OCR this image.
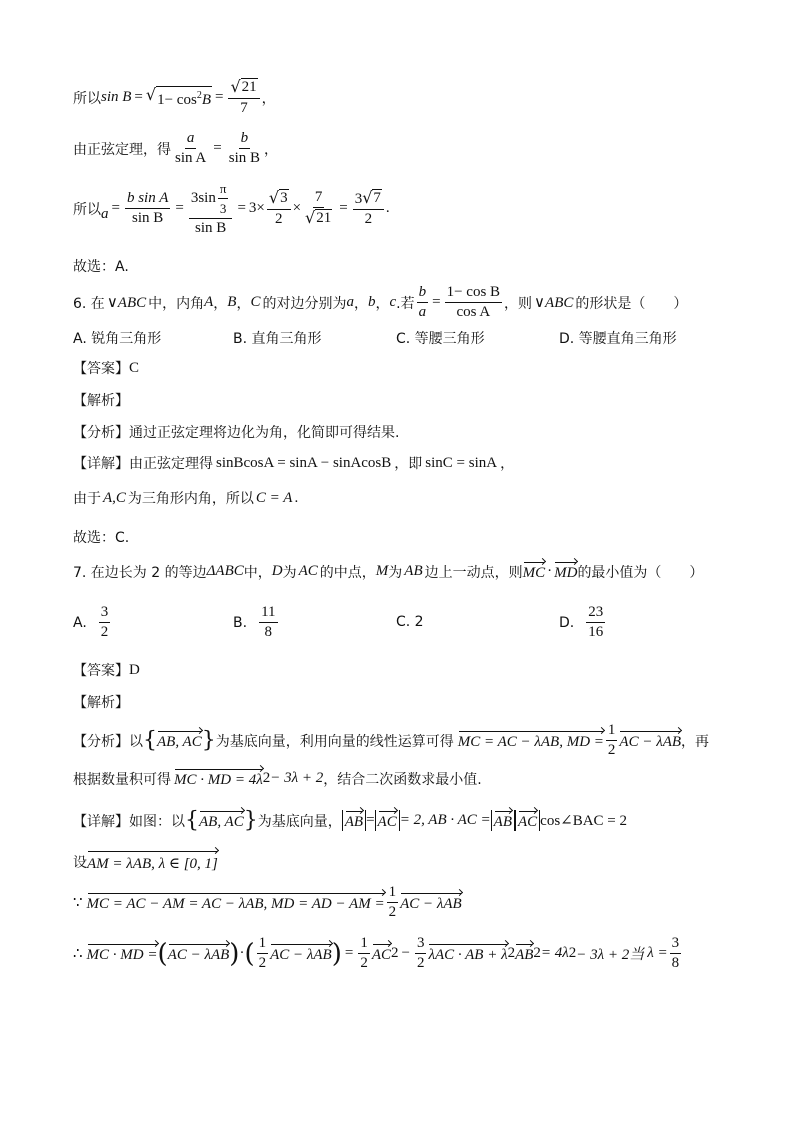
所以 sin B = √ $1- \cos^2B = \frac{√ 21}{7}$ ，
由正弦定理，得 $\frac{a}{\text{sin A}} = \frac{b}{\text{sin B}}$ ，
所以 $a = \frac{\text{b sin A}}{\text{sin B}} = \frac{3\sin \frac{\pi}{3}}{\text{sin B}} = 3\times \frac{√ 3}{2} \times \frac{7}{√ 21} = \frac{3 √ 7}{2}$ .
故选：A.
6. 在 ∨ABC 中，内角 A ， B ， C 的对边分别为 a ， b ， c .若 $\frac{b}{a} = \frac{\text{1− cos B}}{\text{cos A}}$ ，则 ∨ABC 的形状是（　　）
A. 锐角三角形	B. 直角三角形	C. 等腰三角形	D. 等腰直角三角形
【答案】 C
【解析】
【分析】 通过正弦定理将边化为角，化简即可得结果.
【详解】 由正弦定理得 sinBcosA = sinA − sinAcosB ，即 sinC = sinA ，
由于 A,C 为三角形内角，所以 C = A .
故选：C.
7. 在边长为 2 的等边 ΔABC 中， D 为 AC 的中点， M 为 AB 边上一动点，则 MC · MD 的最小值为（　　）
A. $\frac{3}{2}$	B. $\frac{11}{8}$	C. 2	D. $\frac{23}{16}$
【答案】 D
【解析】
【分析】 以 { AB, AC } 为基底向量，利用向量的线性运算可得 MC = AC − λAB, MD = $\frac{1}{2}$ AC − λAB ，再
根据数量积可得 MC · MD = 4λ 2 − 3λ + 2 ，结合二次函数求最小值.
【详解】 如图：以 { AB, AC } 为基底向量， AB = AC = 2, AB · AC = AB AC cos∠BAC = 2
设 AM = λAB, λ ∈ [0, 1]
∵ MC = AC − AM = AC − λAB, MD = AD − AM = $\frac{1}{2}$ AC − λAB
∴ MC · MD = ( AC − λAB ) · ( $\frac{1}{2}$ AC − λAB ) = $\frac{1}{2}$ AC $2 - \frac{3}{2}$ λAC · AB + λ 2 AB 2 = 4λ 2 − 3λ + 2当 $\lambda = \frac{3}{8}$
